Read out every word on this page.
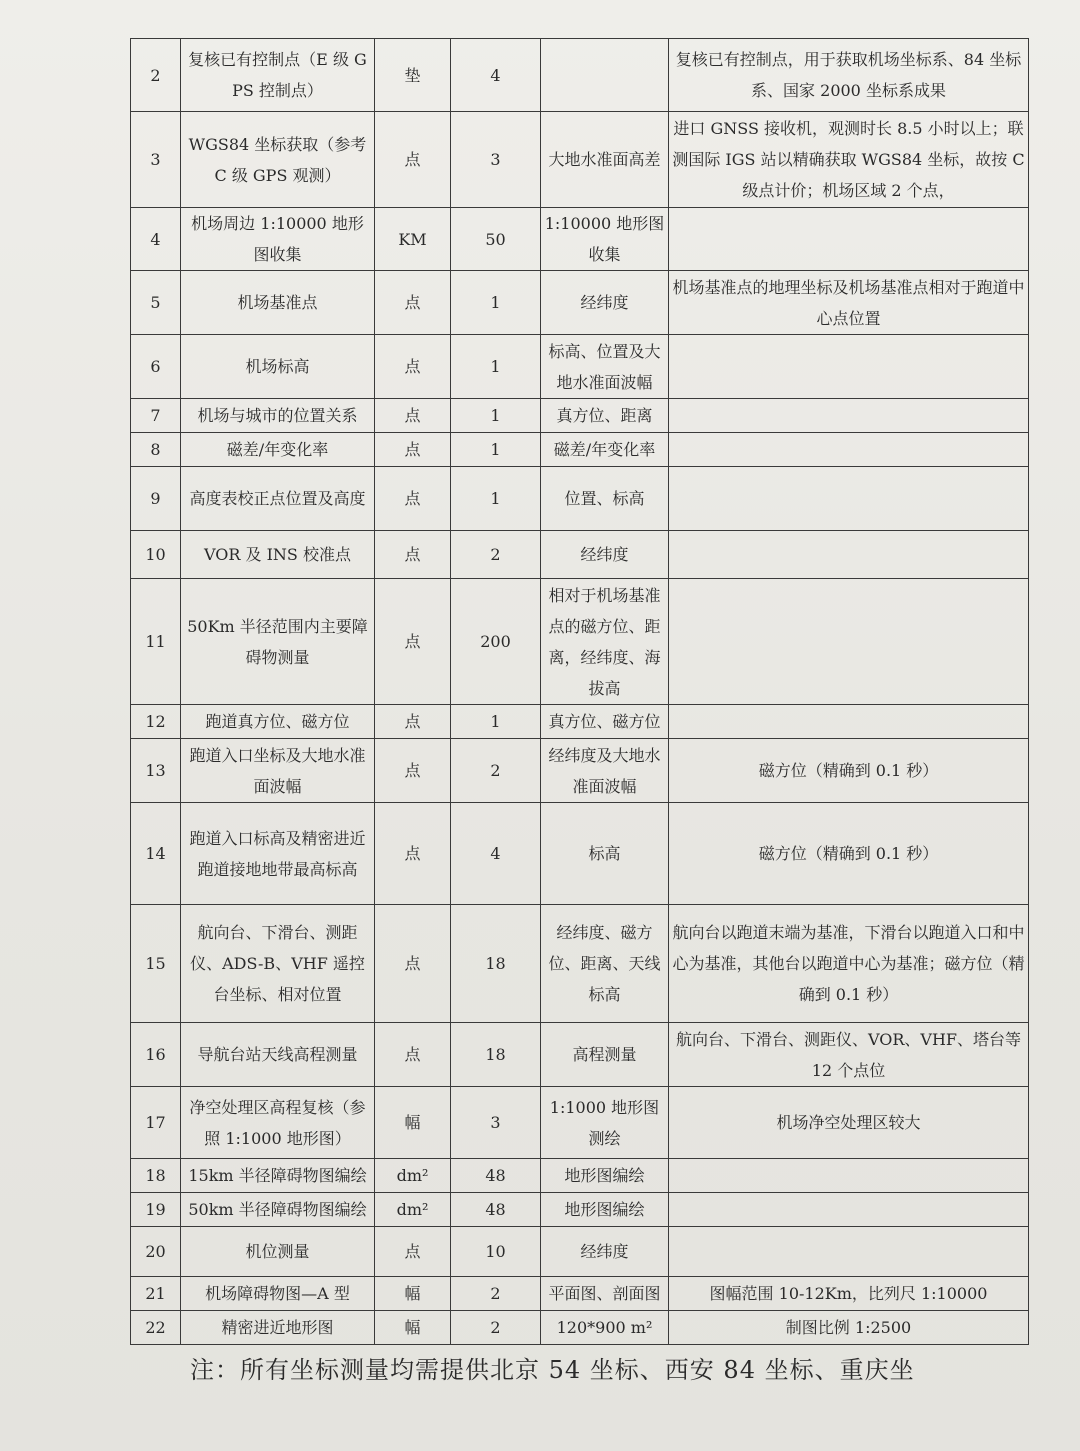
2	复核已有控制点（E 级 GPS 控制点）	垫	4		复核已有控制点，用于获取机场坐标系、84 坐标系、国家 2000 坐标系成果
3	WGS84 坐标获取（参考 C 级 GPS 观测）	点	3	大地水准面高差	进口 GNSS 接收机，观测时长 8.5 小时以上；联测国际 IGS 站以精确获取 WGS84 坐标，故按 C 级点计价；机场区域 2 个点，
4	机场周边 1:10000 地形图收集	KM	50	1:10000 地形图收集	
5	机场基准点	点	1	经纬度	机场基准点的地理坐标及机场基准点相对于跑道中心点位置
6	机场标高	点	1	标高、位置及大地水准面波幅	
7	机场与城市的位置关系	点	1	真方位、距离	
8	磁差/年变化率	点	1	磁差/年变化率	
9	高度表校正点位置及高度	点	1	位置、标高	
10	VOR 及 INS 校准点	点	2	经纬度	
11	50Km 半径范围内主要障碍物测量	点	200	相对于机场基准点的磁方位、距离，经纬度、海拔高	
12	跑道真方位、磁方位	点	1	真方位、磁方位	
13	跑道入口坐标及大地水准面波幅	点	2	经纬度及大地水准面波幅	磁方位（精确到 0.1 秒）
14	跑道入口标高及精密进近跑道接地地带最高标高	点	4	标高	磁方位（精确到 0.1 秒）
15	航向台、下滑台、测距仪、ADS-B、VHF 遥控台坐标、相对位置	点	18	经纬度、磁方位、距离、天线标高	航向台以跑道末端为基准，下滑台以跑道入口和中心为基准，其他台以跑道中心为基准；磁方位（精确到 0.1 秒）
16	导航台站天线高程测量	点	18	高程测量	航向台、下滑台、测距仪、VOR、VHF、塔台等 12 个点位
17	净空处理区高程复核（参照 1:1000 地形图）	幅	3	1:1000 地形图测绘	机场净空处理区较大
18	15km 半径障碍物图编绘	dm²	48	地形图编绘	
19	50km 半径障碍物图编绘	dm²	48	地形图编绘	
20	机位测量	点	10	经纬度	
21	机场障碍物图—A 型	幅	2	平面图、剖面图	图幅范围 10-12Km，比列尺 1:10000
22	精密进近地形图	幅	2	120*900 m²	制图比例 1:2500
注：所有坐标测量均需提供北京 54 坐标、西安 84 坐标、重庆坐
